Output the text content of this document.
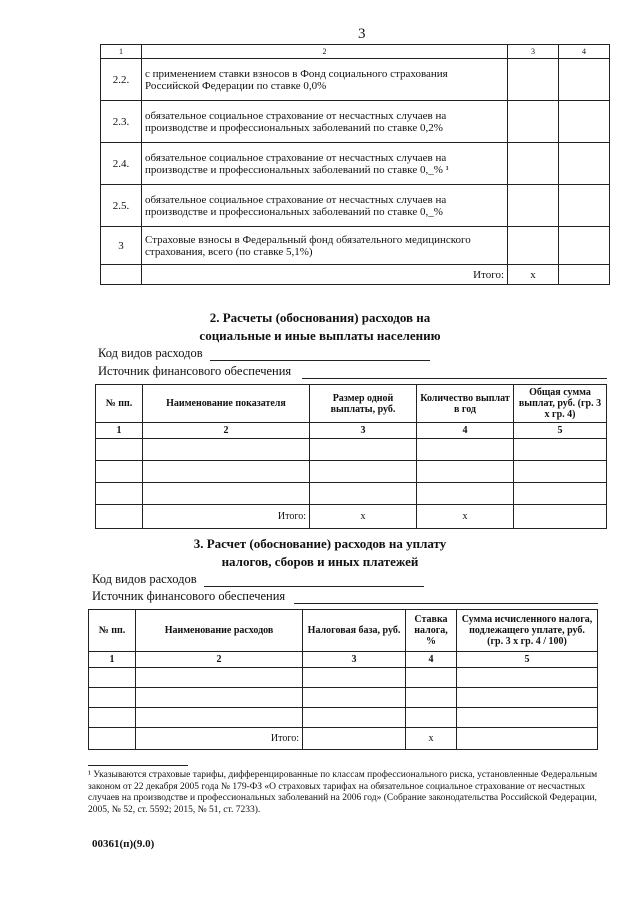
3
1	2	3	4
2.2.	с применением ставки взносов в Фонд социального страхования Российской Федерации по ставке 0,0%		
2.3.	обязательное социальное страхование от несчастных случаев на производстве и профессиональных заболеваний по ставке 0,2%		
2.4.	обязательное социальное страхование от несчастных случаев на производстве и профессиональных заболеваний по ставке 0,_% ¹		
2.5.	обязательное социальное страхование от несчастных случаев на производстве и профессиональных заболеваний по ставке 0,_%		
3	Страховые взносы в Федеральный фонд обязательного медицинского страхования, всего (по ставке 5,1%)		
	Итого:	x	
2. Расчеты (обоснования) расходов на
социальные и иные выплаты населению
Код видов расходов
Источник финансового обеспечения
№ пп.	Наименование показателя	Размер одной выплаты, руб.	Количество выплат в год	Общая сумма выплат, руб. (гр. 3 х гр. 4)
1	2	3	4	5

	Итого:	x	x	
3. Расчет (обоснование) расходов на уплату
налогов, сборов и иных платежей
Код видов расходов
Источник финансового обеспечения
№ пп.	Наименование расходов	Налоговая база, руб.	Ставка налога, %	Сумма исчисленного налога, подлежащего уплате, руб. (гр. 3 х гр. 4 / 100)
1	2	3	4	5

	Итого:		x	
¹ Указываются страховые тарифы, дифференцированные по классам профессионального риска, установленные Федеральным законом от 22 декабря 2005 года № 179-ФЗ «О страховых тарифах на обязательное социальное страхование от несчастных случаев на производстве и профессиональных заболеваний на 2006 год» (Собрание законодательства Российской Федерации, 2005, № 52, ст. 5592; 2015, № 51, ст. 7233).
00361(п)(9.0)
